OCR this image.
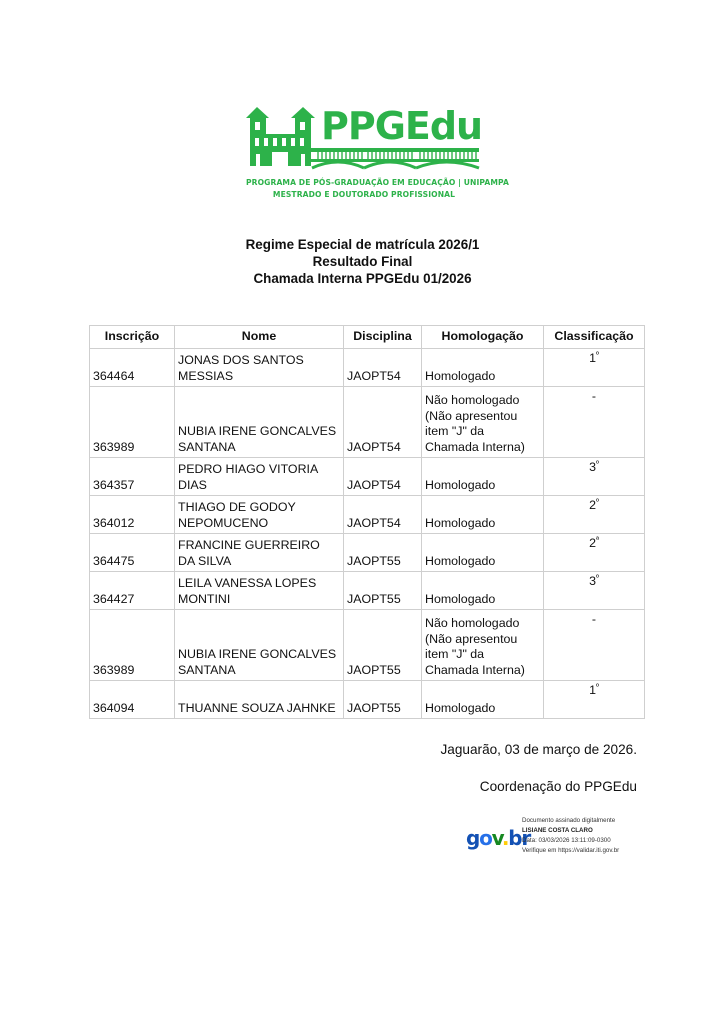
PPGEdu
PROGRAMA DE PÓS-GRADUAÇÃO EM EDUCAÇÃO | UNIPAMPA
MESTRADO E DOUTORADO PROFISSIONAL
Regime Especial de matrícula 2026/1
Resultado Final
Chamada Interna PPGEdu 01/2026
Inscrição	Nome	Disciplina	Homologação	Classificação
364464	JONAS DOS SANTOS MESSIAS	JAOPT54	Homologado	$1^º$
363989	NUBIA IRENE GONCALVES SANTANA	JAOPT54	Não homologado (Não apresentou item "J" da Chamada Interna)	-
364357	PEDRO HIAGO VITORIA DIAS	JAOPT54	Homologado	$3^º$
364012	THIAGO DE GODOY NEPOMUCENO	JAOPT54	Homologado	$2^º$
364475	FRANCINE GUERREIRO DA SILVA	JAOPT55	Homologado	$2^ª$
364427	LEILA VANESSA LOPES MONTINI	JAOPT55	Homologado	$3^º$
363989	NUBIA IRENE GONCALVES SANTANA	JAOPT55	Não homologado (Não apresentou item "J" da Chamada Interna)	-
364094	THUANNE SOUZA JAHNKE	JAOPT55	Homologado	$1^º$
Jaguarão, 03 de março de 2026.
Coordenação do PPGEdu
gov.br
Documento assinado digitalmente
LISIANE COSTA CLARO
Data: 03/03/2026 13:11:09-0300
Verifique em https://validar.iti.gov.br
